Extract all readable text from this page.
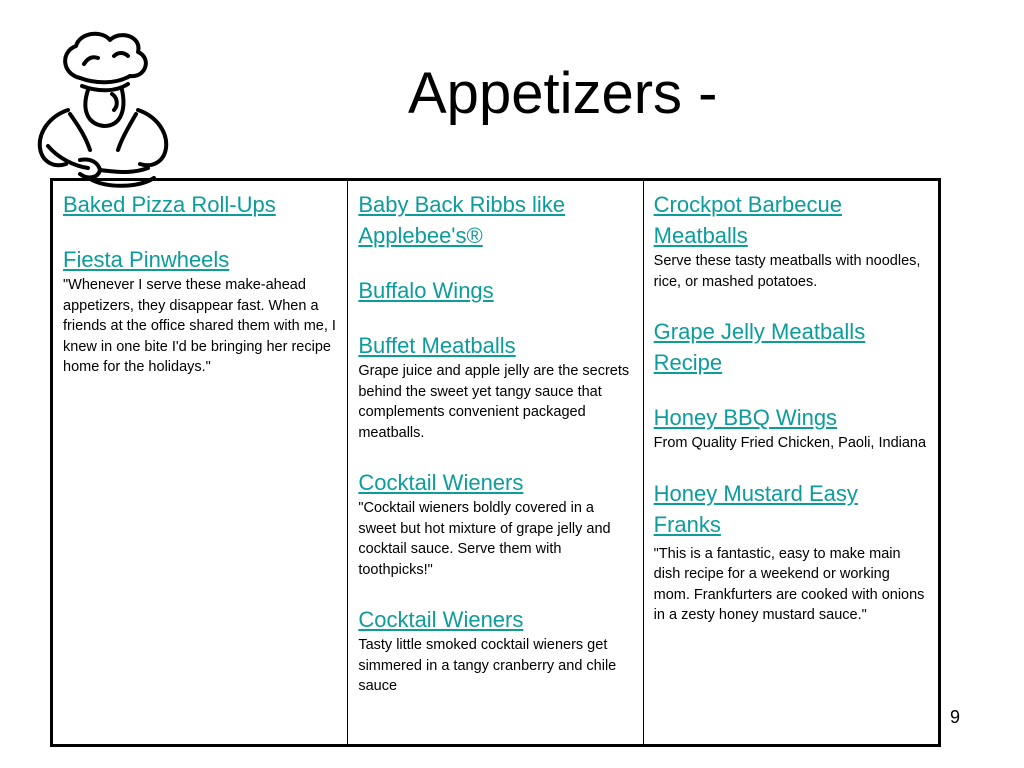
Appetizers -
Baked Pizza Roll-Ups
Fiesta Pinwheels
"Whenever I serve these make-ahead appetizers, they disappear fast. When a friends at the office shared them with me, I knew in one bite I'd be bringing her recipe home for the holidays."
Baby Back Ribbs like Applebee's®
Buffalo Wings
Buffet Meatballs
Grape juice and apple jelly are the secrets behind the sweet yet tangy sauce that complements convenient packaged meatballs.
Cocktail Wieners
"Cocktail wieners boldly covered in a sweet but hot mixture of grape jelly and cocktail sauce. Serve them with toothpicks!"
Cocktail Wieners
Tasty little smoked cocktail wieners get simmered in a tangy cranberry and chile sauce
Crockpot Barbecue Meatballs
Serve these tasty meatballs with noodles, rice, or mashed potatoes.
Grape Jelly Meatballs Recipe
Honey BBQ Wings
From Quality Fried Chicken, Paoli, Indiana
Honey Mustard Easy Franks
"This is a fantastic, easy to make main dish recipe for a weekend or working mom. Frankfurters are cooked with onions in a zesty honey mustard sauce."
9
